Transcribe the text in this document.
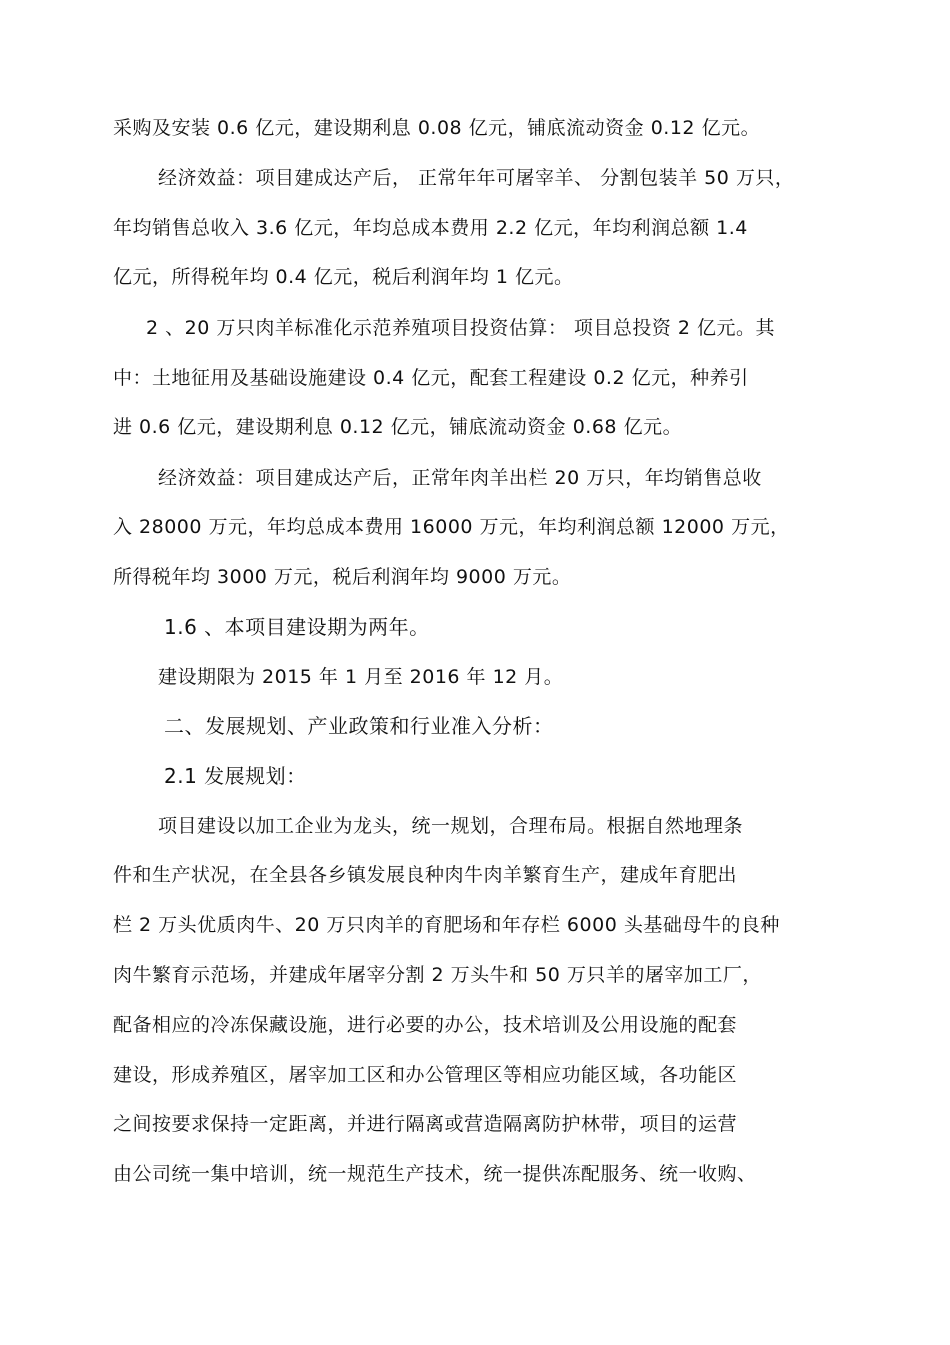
采购及安装 0.6 亿元，建设期利息 0.08 亿元，铺底流动资金 0.12 亿元。
经济效益：项目建成达产后， 正常年年可屠宰羊、 分割包装羊 50 万只，
年均销售总收入 3.6 亿元，年均总成本费用 2.2 亿元，年均利润总额 1.4
亿元，所得税年均 0.4 亿元，税后利润年均 1 亿元。
2 、20 万只肉羊标准化示范养殖项目投资估算： 项目总投资 2 亿元。其
中：土地征用及基础设施建设 0.4 亿元，配套工程建设 0.2 亿元，种养引
进 0.6 亿元，建设期利息 0.12 亿元，铺底流动资金 0.68 亿元。
经济效益：项目建成达产后，正常年肉羊出栏 20 万只，年均销售总收
入 28000 万元，年均总成本费用 16000 万元，年均利润总额 12000 万元，
所得税年均 3000 万元，税后利润年均 9000 万元。
1.6 、本项目建设期为两年。
建设期限为 2015 年 1 月至 2016 年 12 月。
二、发展规划、产业政策和行业准入分析：
2.1 发展规划：
项目建设以加工企业为龙头，统一规划，合理布局。根据自然地理条
件和生产状况，在全县各乡镇发展良种肉牛肉羊繁育生产，建成年育肥出
栏 2 万头优质肉牛、20 万只肉羊的育肥场和年存栏 6000 头基础母牛的良种
肉牛繁育示范场，并建成年屠宰分割 2 万头牛和 50 万只羊的屠宰加工厂，
配备相应的冷冻保藏设施，进行必要的办公，技术培训及公用设施的配套
建设，形成养殖区，屠宰加工区和办公管理区等相应功能区域，各功能区
之间按要求保持一定距离，并进行隔离或营造隔离防护林带，项目的运营
由公司统一集中培训，统一规范生产技术，统一提供冻配服务、统一收购、
